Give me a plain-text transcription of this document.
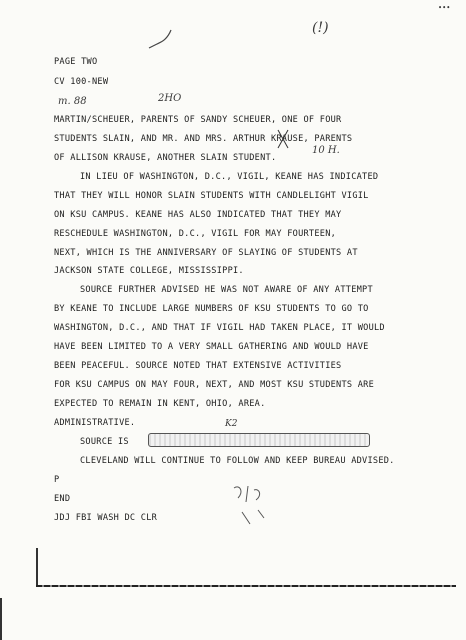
(!)
•••
PAGE TWO
CV 100-NEW
m. 88	2HO
MARTIN/SCHEUER, PARENTS OF SANDY SCHEUER, ONE OF FOUR
STUDENTS SLAIN, AND MR. AND MRS. ARTHUR KRAUSE, PARENTS
OF ALLISON KRAUSE, ANOTHER SLAIN STUDENT.
10 H.
IN LIEU OF WASHINGTON, D.C., VIGIL, KEANE HAS INDICATED
THAT THEY WILL HONOR SLAIN STUDENTS WITH CANDLELIGHT VIGIL
ON KSU CAMPUS. KEANE HAS ALSO INDICATED THAT THEY MAY
RESCHEDULE WASHINGTON, D.C., VIGIL FOR MAY FOURTEEN,
NEXT, WHICH IS THE ANNIVERSARY OF SLAYING OF STUDENTS AT
JACKSON STATE COLLEGE, MISSISSIPPI.
SOURCE FURTHER ADVISED HE WAS NOT AWARE OF ANY ATTEMPT
BY KEANE TO INCLUDE LARGE NUMBERS OF KSU STUDENTS TO GO TO
WASHINGTON, D.C., AND THAT IF VIGIL HAD TAKEN PLACE, IT WOULD
HAVE BEEN LIMITED TO A VERY SMALL GATHERING AND WOULD HAVE
BEEN PEACEFUL. SOURCE NOTED THAT EXTENSIVE ACTIVITIES
FOR KSU CAMPUS ON MAY FOUR, NEXT, AND MOST KSU STUDENTS ARE
EXPECTED TO REMAIN IN KENT, OHIO, AREA.
ADMINISTRATIVE.
SOURCE IS
K2
CLEVELAND WILL CONTINUE TO FOLLOW AND KEEP BUREAU ADVISED.
P
END
JDJ FBI WASH DC CLR
